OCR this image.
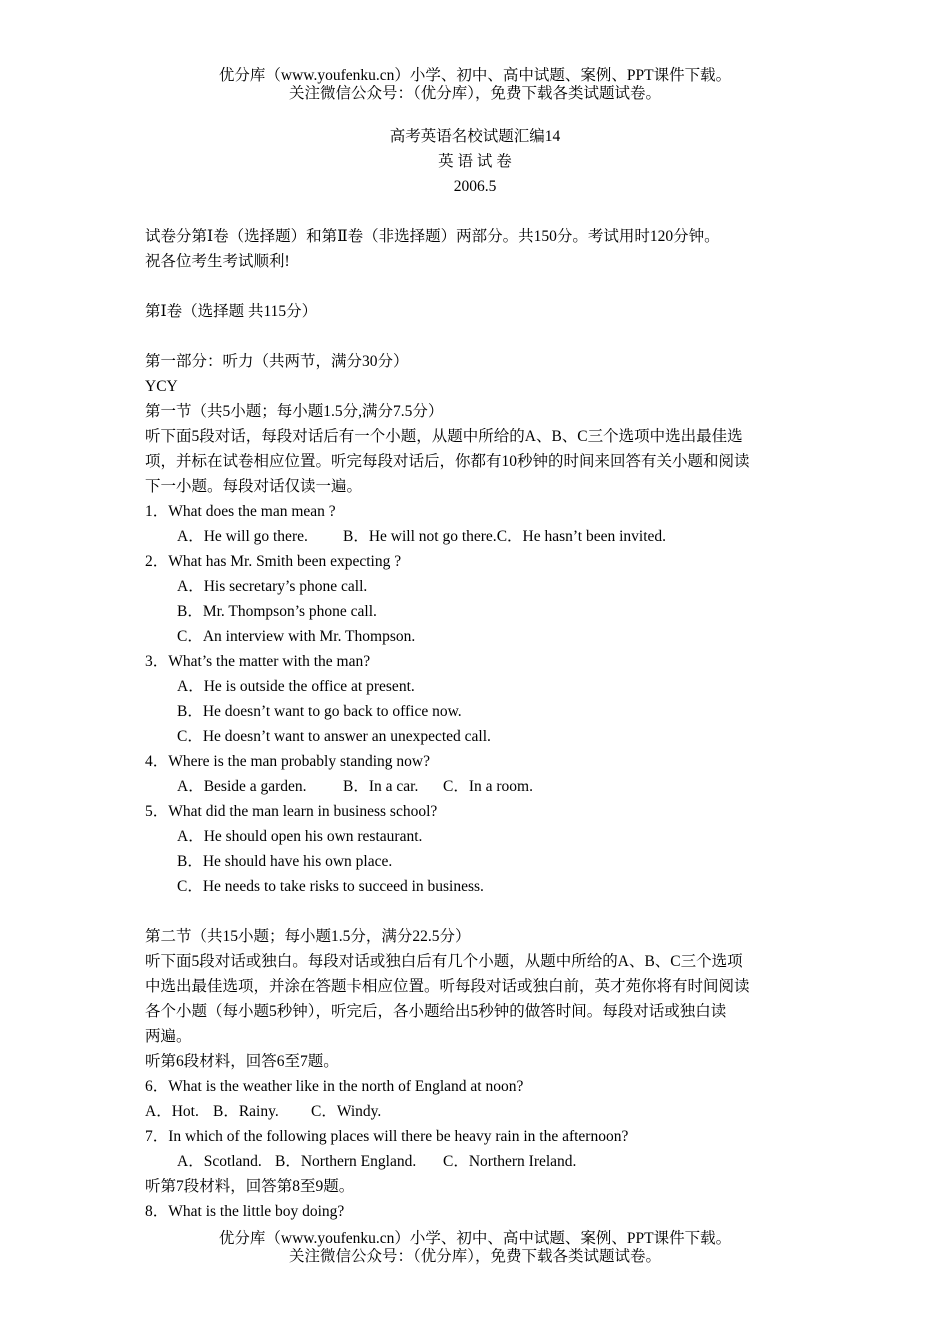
优分库（www.youfenku.cn）小学、初中、高中试题、案例、PPT课件下载。
关注微信公众号：（优分库），免费下载各类试题试卷。
高考英语名校试题汇编14
英 语 试 卷
2006.5
试卷分第Ⅰ卷（选择题）和第Ⅱ卷（非选择题）两部分。共150分。考试用时120分钟。
祝各位考生考试顺利!
第Ⅰ卷（选择题 共115分）
第一部分：听力（共两节，满分30分）
YCY
第一节（共5小题；每小题1.5分,满分7.5分）
听下面5段对话，每段对话后有一个小题，从题中所给的A、B、C三个选项中选出最佳选
项，并标在试卷相应位置。听完每段对话后，你都有10秒钟的时间来回答有关小题和阅读
下一小题。每段对话仅读一遍。
1．What does the man mean ?
A．He will go there. B．He will not go there.C．He hasn’t been invited.
2．What has Mr. Smith been expecting ?
A．His secretary’s phone call.
B．Mr. Thompson’s phone call.
C．An interview with Mr. Thompson.
3．What’s the matter with the man?
A．He is outside the office at present.
B．He doesn’t want to go back to office now.
C．He doesn’t want to answer an unexpected call.
4．Where is the man probably standing now?
A．Beside a garden. B．In a car. C．In a room.
5．What did the man learn in business school?
A．He should open his own restaurant.
B．He should have his own place.
C．He needs to take risks to succeed in business.
第二节（共15小题；每小题1.5分，满分22.5分）
听下面5段对话或独白。每段对话或独白后有几个小题，从题中所给的A、B、C三个选项
中选出最佳选项，并涂在答题卡相应位置。听每段对话或独白前，英才苑你将有时间阅读
各个小题（每小题5秒钟），听完后，各小题给出5秒钟的做答时间。每段对话或独白读
两遍。
听第6段材料，回答6至7题。
6．What is the weather like in the north of England at noon?
A．Hot. B．Rainy. C．Windy.
7．In which of the following places will there be heavy rain in the afternoon?
A．Scotland. B．Northern England. C．Northern Ireland.
听第7段材料，回答第8至9题。
8．What is the little boy doing?
优分库（www.youfenku.cn）小学、初中、高中试题、案例、PPT课件下载。
关注微信公众号：（优分库），免费下载各类试题试卷。
